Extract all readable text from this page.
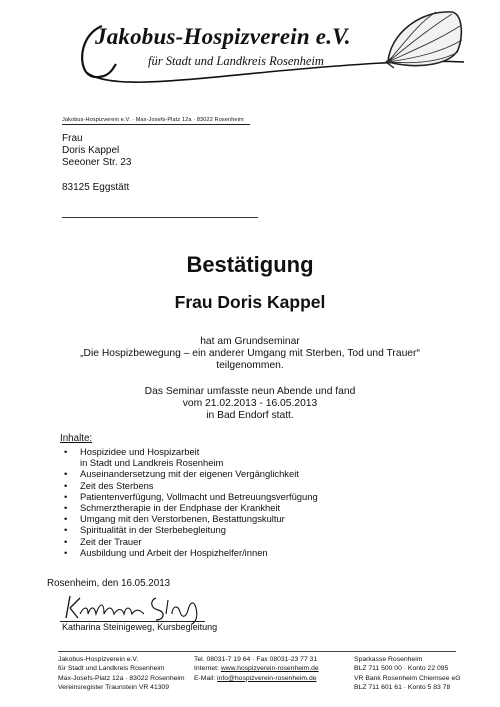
Jakobus-Hospizverein e.V.
für Stadt und Landkreis Rosenheim
Jakobus-Hospizverein e.V. · Max-Josefs-Platz 12a · 83022 Rosenheim
Frau
Doris Kappel
Seeoner Str. 23
83125 Eggstätt
Bestätigung
Frau Doris Kappel
hat am Grundseminar
„Die Hospizbewegung – ein anderer Umgang mit Sterben, Tod und Trauer“
teilgenommen.
Das Seminar umfasste neun Abende und fand
vom 21.02.2013 - 16.05.2013
in Bad Endorf statt.
Inhalte:
• Hospizidee und Hospizarbeit
in Stadt und Landkreis Rosenheim
• Auseinandersetzung mit der eigenen Vergänglichkeit
• Zeit des Sterbens
• Patientenverfügung, Vollmacht und Betreuungsverfügung
• Schmerztherapie in der Endphase der Krankheit
• Umgang mit den Verstorbenen, Bestattungskultur
• Spiritualität in der Sterbebegleitung
• Zeit der Trauer
• Ausbildung und Arbeit der Hospizhelfer/innen
Rosenheim, den 16.05.2013
Katharina Steinigeweg, Kursbegleitung
Jakobus-Hospizverein e.V.
für Stadt und Landkreis Rosenheim
Max-Josefs-Platz 12a · 83022 Rosenheim
Vereinsregister Traunstein VR 41309
Tel. 08031-7 19 64 · Fax 08031-23 77 31
Internet: www.hospizverein-rosenheim.de
E-Mail: info@hospizverein-rosenheim.de
Sparkasse Rosenheim
BLZ 711 500 00 · Konto 22 095
VR Bank Rosenheim Chiemsee eG
BLZ 711 601 61 · Konto 5 83 78
